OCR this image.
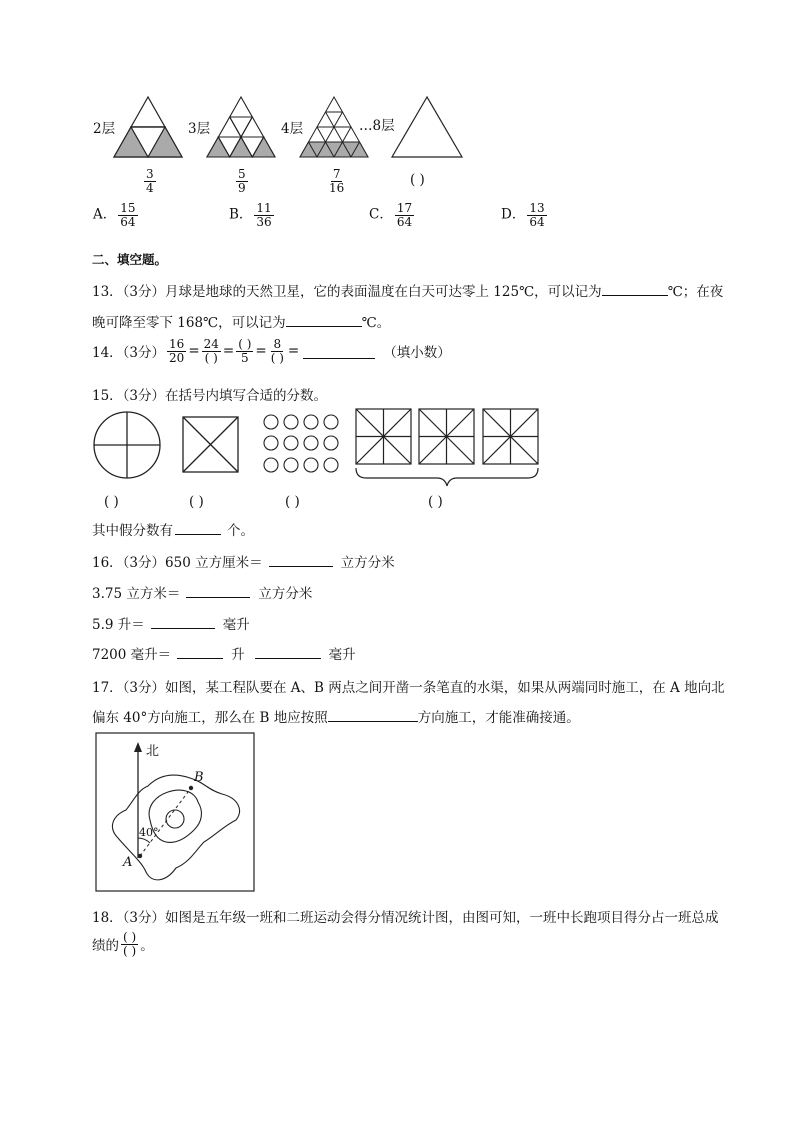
2层	3层	4层	…8层
$\frac{3}{4}$	$\frac{5}{9}$	$\frac{7}{16}$	( )
A． $\frac{15}{64}$	B． $\frac{11}{36}$	C． $\frac{17}{64}$	D． $\frac{13}{64}$
二、填空题。
13．（3分）月球是地球的天然卫星，它的表面温度在白天可达零上 125℃，可以记为	℃；在夜
晚可降至零下 168℃，可以记为	℃。
14．（3分） $\frac{16}{20} = \frac{24}{( )} = \frac{( )}{5} = \frac{8}{( )}$ =	（填小数）
15．（3分）在括号内填写合适的分数。
( )	( )	( )	( )
其中假分数有	个。
16．（3分）650 立方厘米＝	立方分米
3.75 立方米＝	立方分米
5.9 升＝	毫升
7200 毫升＝	升	毫升
17．（3分）如图，某工程队要在 A、B 两点之间开凿一条笔直的水渠，如果从两端同时施工，在 A 地向北
偏东 40°方向施工，那么在 B 地应按照	方向施工，才能准确接通。
北
B
A
40°
18．（3分）如图是五年级一班和二班运动会得分情况统计图，由图可知，一班中长跑项目得分占一班总成
绩的 $\frac{( )}{( )}$ 。
